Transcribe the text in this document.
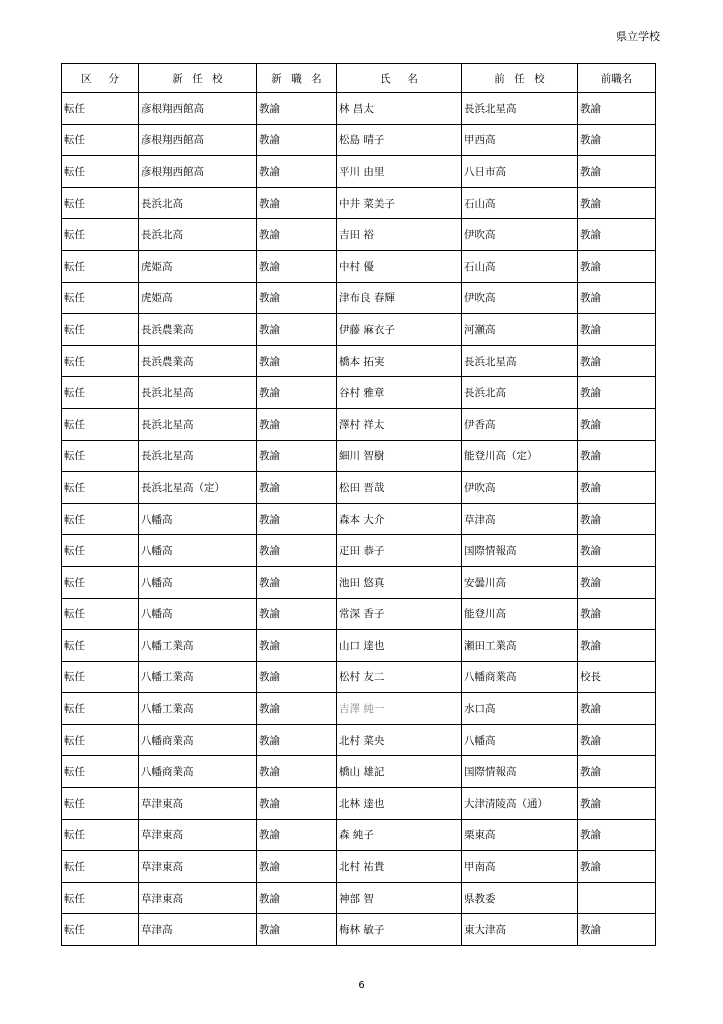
県立学校
区分	新任校	新職名	氏名	前任校	前職名
転任	彦根翔西館高	教諭	林 昌太	長浜北星高	教諭
転任	彦根翔西館高	教諭	松島 晴子	甲西高	教諭
転任	彦根翔西館高	教諭	平川 由里	八日市高	教諭
転任	長浜北高	教諭	中井 菜美子	石山高	教諭
転任	長浜北高	教諭	吉田 裕	伊吹高	教諭
転任	虎姫高	教諭	中村 優	石山高	教諭
転任	虎姫高	教諭	津布良 春輝	伊吹高	教諭
転任	長浜農業高	教諭	伊藤 麻衣子	河瀬高	教諭
転任	長浜農業高	教諭	橋本 拓実	長浜北星高	教諭
転任	長浜北星高	教諭	谷村 雅章	長浜北高	教諭
転任	長浜北星高	教諭	澤村 祥太	伊香高	教諭
転任	長浜北星高	教諭	細川 智樹	能登川高（定）	教諭
転任	長浜北星高（定）	教諭	松田 晋哉	伊吹高	教諭
転任	八幡高	教諭	森本 大介	草津高	教諭
転任	八幡高	教諭	疋田 恭子	国際情報高	教諭
転任	八幡高	教諭	池田 悠真	安曇川高	教諭
転任	八幡高	教諭	常深 香子	能登川高	教諭
転任	八幡工業高	教諭	山口 達也	瀬田工業高	教諭
転任	八幡工業高	教諭	松村 友二	八幡商業高	校長
転任	八幡工業高	教諭	吉澤 純一	水口高	教諭
転任	八幡商業高	教諭	北村 菜央	八幡高	教諭
転任	八幡商業高	教諭	橋山 雄記	国際情報高	教諭
転任	草津東高	教諭	北林 達也	大津清陵高（通）	教諭
転任	草津東高	教諭	森 純子	栗東高	教諭
転任	草津東高	教諭	北村 祐貴	甲南高	教諭
転任	草津東高	教諭	神部 智	県教委	
転任	草津高	教諭	梅林 敏子	東大津高	教諭
6
